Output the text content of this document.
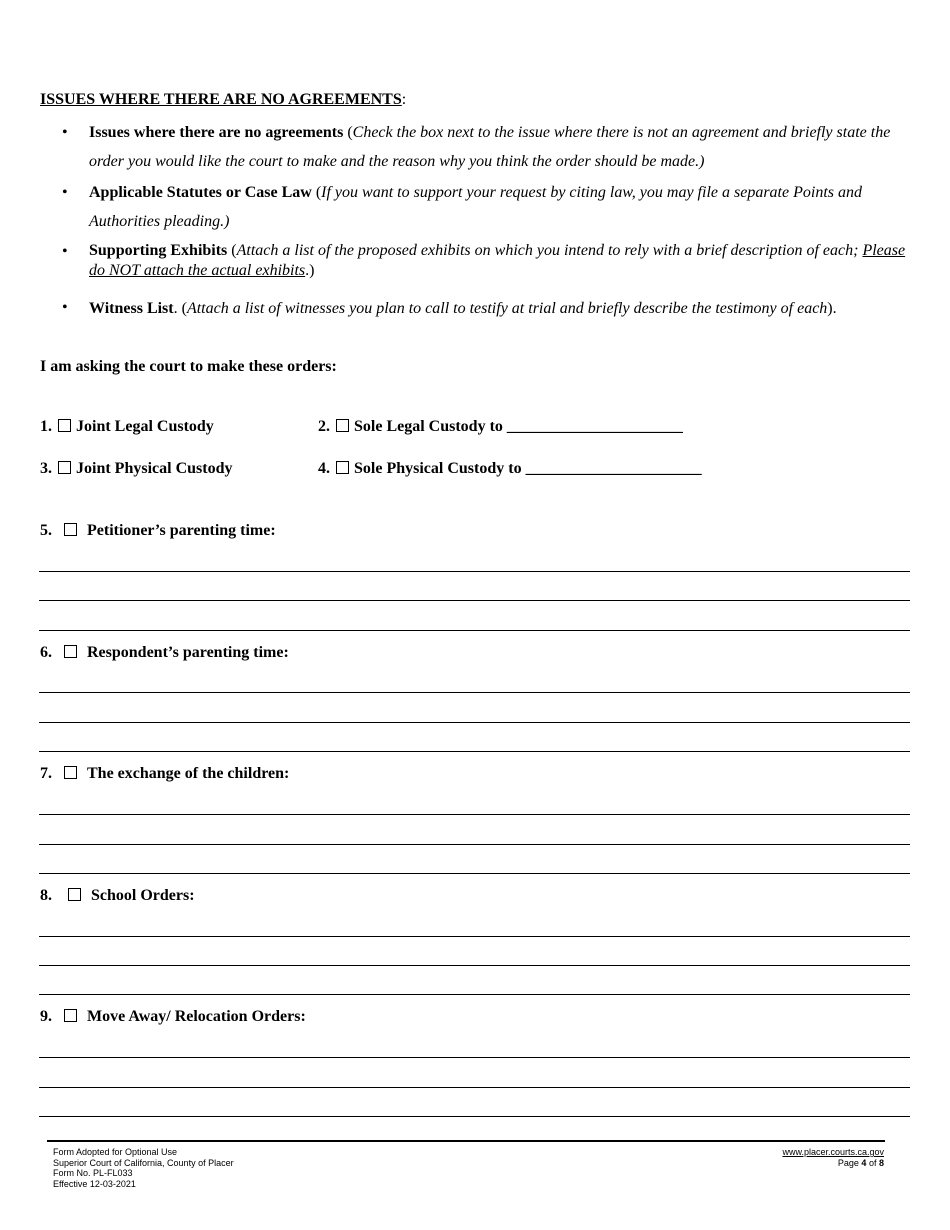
ISSUES WHERE THERE ARE NO AGREEMENTS:
• Issues where there are no agreements (Check the box next to the issue where there is not an agreement and briefly state the order you would like the court to make and the reason why you think the order should be made.)
• Applicable Statutes or Case Law (If you want to support your request by citing law, you may file a separate Points and Authorities pleading.)
• Supporting Exhibits (Attach a list of the proposed exhibits on which you intend to rely with a brief description of each; Please do NOT attach the actual exhibits.)
• Witness List. (Attach a list of witnesses you plan to call to testify at trial and briefly describe the testimony of each).
I am asking the court to make these orders:
1. Joint Legal Custody	2. Sole Legal Custody to ______________________
3. Joint Physical Custody	4. Sole Physical Custody to ______________________
5. Petitioner’s parenting time:
6. Respondent’s parenting time:
7. The exchange of the children:
8. School Orders:
9. Move Away/ Relocation Orders:
Form Adopted for Optional Use
Superior Court of California, County of Placer
Form No. PL-FL033
Effective 12-03-2021
www.placer.courts.ca.gov
Page 4 of 8
